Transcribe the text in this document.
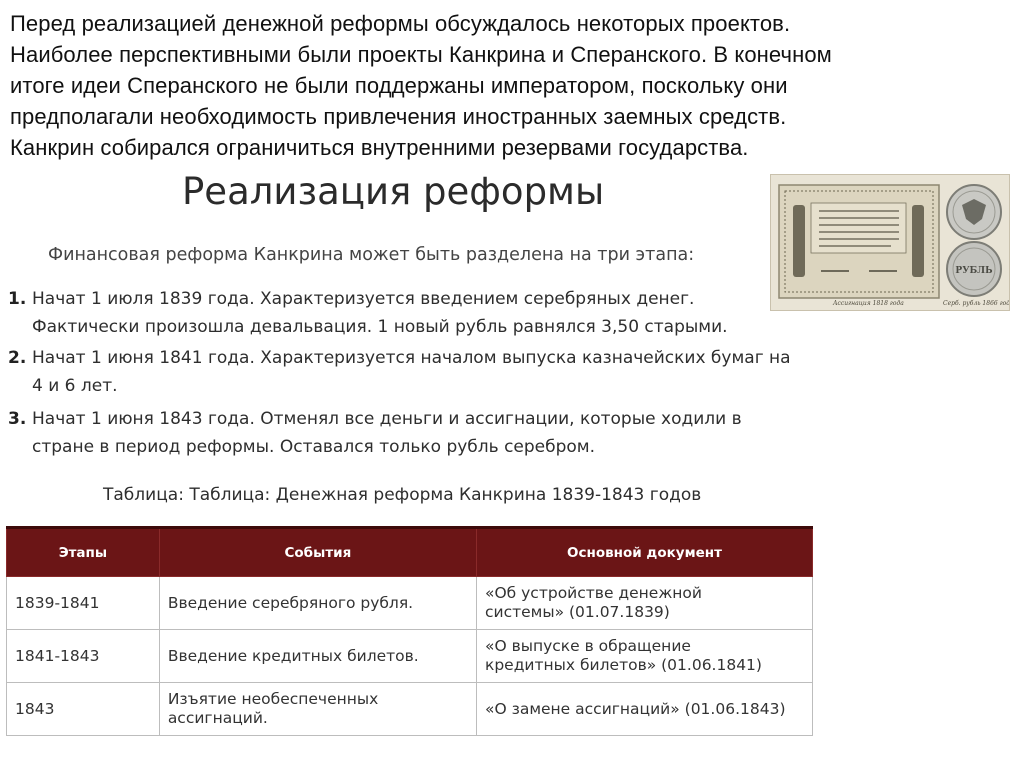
Перед реализацией денежной реформы обсуждалось некоторых проектов.
Наиболее перспективными были проекты Канкрина и Сперанского. В конечном
итоге идеи Сперанского не были поддержаны императором, поскольку они
предполагали необходимость привлечения иностранных заемных средств.
Канкрин собирался ограничиться внутренними резервами государства.
Реализация реформы
Ассигнация 1818 года
РУБЛЬ
Серб. рубль 1866 года
Финансовая реформа Канкрина может быть разделена на три этапа:
1. Начат 1 июля 1839 года. Характеризуется введением серебряных денег.
Фактически произошла девальвация. 1 новый рубль равнялся 3,50 старыми.
2. Начат 1 июня 1841 года. Характеризуется началом выпуска казначейских бумаг на
4 и 6 лет.
3. Начат 1 июня 1843 года. Отменял все деньги и ассигнации, которые ходили в
стране в период реформы. Оставался только рубль серебром.
Таблица: Таблица: Денежная реформа Канкрина 1839-1843 годов
Этапы	События	Основной документ
1839-1841	Введение серебряного рубля.	«Об устройстве денежной
системы» (01.07.1839)

1841-1843	Введение кредитных билетов.	«О выпуске в обращение
кредитных билетов» (01.06.1841)

1843	Изъятие необеспеченных
ассигнаций.	«О замене ассигнаций» (01.06.1843)
